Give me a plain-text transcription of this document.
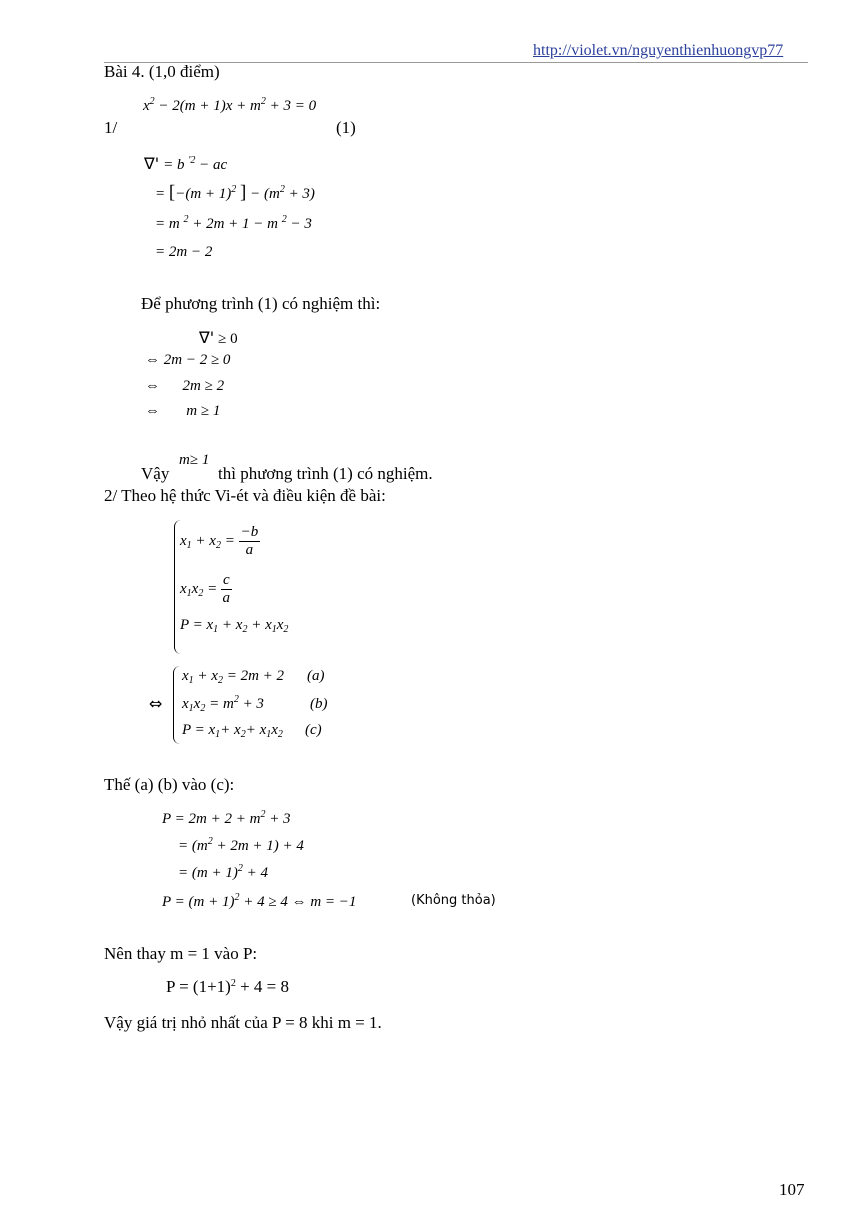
http://violet.vn/nguyenthienhuongvp77
Bài 4. (1,0 điểm)
$x^2 - 2(m + 1)x + m^2 + 3 = 0$
1/	(1)
∇' = b $^{'2}$ − ac
= [$-(m + 1)^2$ ] − $(m^2 + 3)$
= m $^2$ + 2m + 1 − m $^2$ − 3
= 2m − 2
Để phương trình (1) có nghiệm thì:
∇' ≥ 0
⇔ 2m − 2 ≥ 0
⇔      2m ≥ 2
⇔       m ≥ 1
m≥ 1
Vậy	thì phương trình (1) có nghiệm.
2/ Theo hệ thức Vi-ét và điều kiện đề bài:
$x_1 + x_2 = \frac{-b}{a}$
$x_1x_2 = \frac{c}{a}$
$P = x_1 + x_2 + x_1x_2$
⇔
$x_1 + x_2 = 2m + 2$ (a)
$x_1x_2 = m^2 + 3$	(b)
$P = x_1+ x_2+ x_1x_2$ (c)
Thế (a) (b) vào (c):
$P = 2m + 2 + m^2 + 3$
= $(m^2 + 2m + 1) + 4$
= $(m + 1)^2 + 4$
$P = (m + 1)^2 + 4 \ge 4$ ⇔ m = −1	(Không thỏa)
Nên thay m = 1 vào P:
$P = (1+1)^2 + 4 = 8$
Vậy giá trị nhỏ nhất của P = 8 khi m = 1.
107
